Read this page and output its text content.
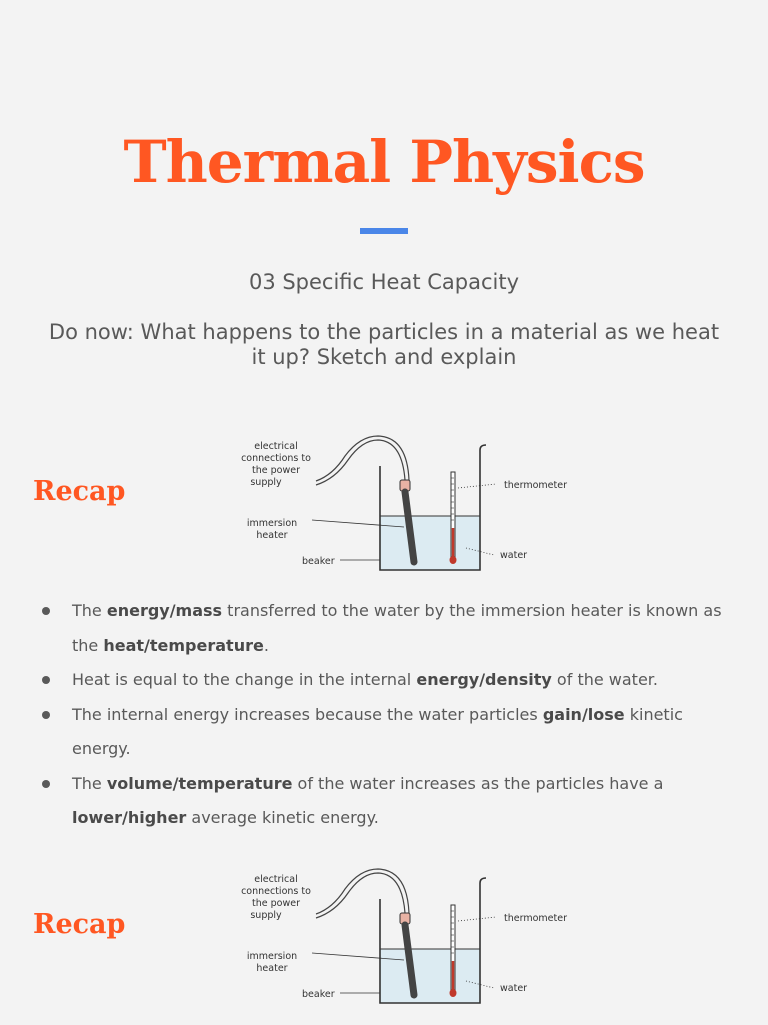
Thermal Physics
03 Specific Heat Capacity
Do now: What happens to the particles in a material as we heat it up? Sketch and explain
Recap
electrical
connections to
the power
supply
immersion
heater
beaker
thermometer
water
The energy/mass transferred to the water by the immersion heater is known as the heat/temperature.
Heat is equal to the change in the internal energy/density of the water.
The internal energy increases because the water particles gain/lose kinetic energy.
The volume/temperature of the water increases as the particles have a lower/higher average kinetic energy.
Recap
electrical
connections to
the power
supply
immersion
heater
beaker
thermometer
water
